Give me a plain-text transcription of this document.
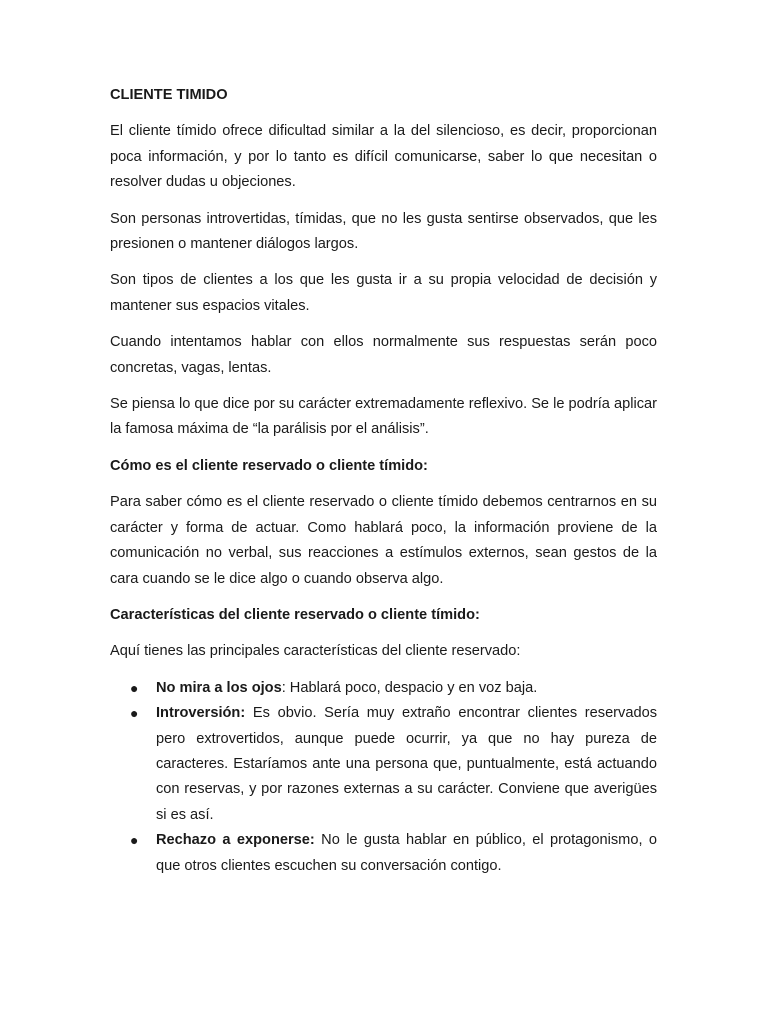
CLIENTE TIMIDO

El cliente tímido ofrece dificultad similar a la del silencioso, es decir, proporcionan poca información, y por lo tanto es difícil comunicarse, saber lo que necesitan o resolver dudas u objeciones.

Son personas introvertidas, tímidas, que no les gusta sentirse observados, que les presionen o mantener diálogos largos.

Son tipos de clientes a los que les gusta ir a su propia velocidad de decisión y mantener sus espacios vitales.

Cuando intentamos hablar con ellos normalmente sus respuestas serán poco concretas, vagas, lentas.

Se piensa lo que dice por su carácter extremadamente reflexivo. Se le podría aplicar la famosa máxima de “la parálisis por el análisis”.

Cómo es el cliente reservado o cliente tímido:

Para saber cómo es el cliente reservado o cliente tímido debemos centrarnos en su carácter y forma de actuar. Como hablará poco, la información proviene de la comunicación no verbal, sus reacciones a estímulos externos, sean gestos de la cara cuando se le dice algo o cuando observa algo.

Características del cliente reservado o cliente tímido:

Aquí tienes las principales características del cliente reservado:

● No mira a los ojos: Hablará poco, despacio y en voz baja.
● Introversión: Es obvio. Sería muy extraño encontrar clientes reservados pero extrovertidos, aunque puede ocurrir, ya que no hay pureza de caracteres. Estaríamos ante una persona que, puntualmente, está actuando con reservas, y por razones externas a su carácter. Conviene que averigües si es así.
● Rechazo a exponerse: No le gusta hablar en público, el protagonismo, o que otros clientes escuchen su conversación contigo.
